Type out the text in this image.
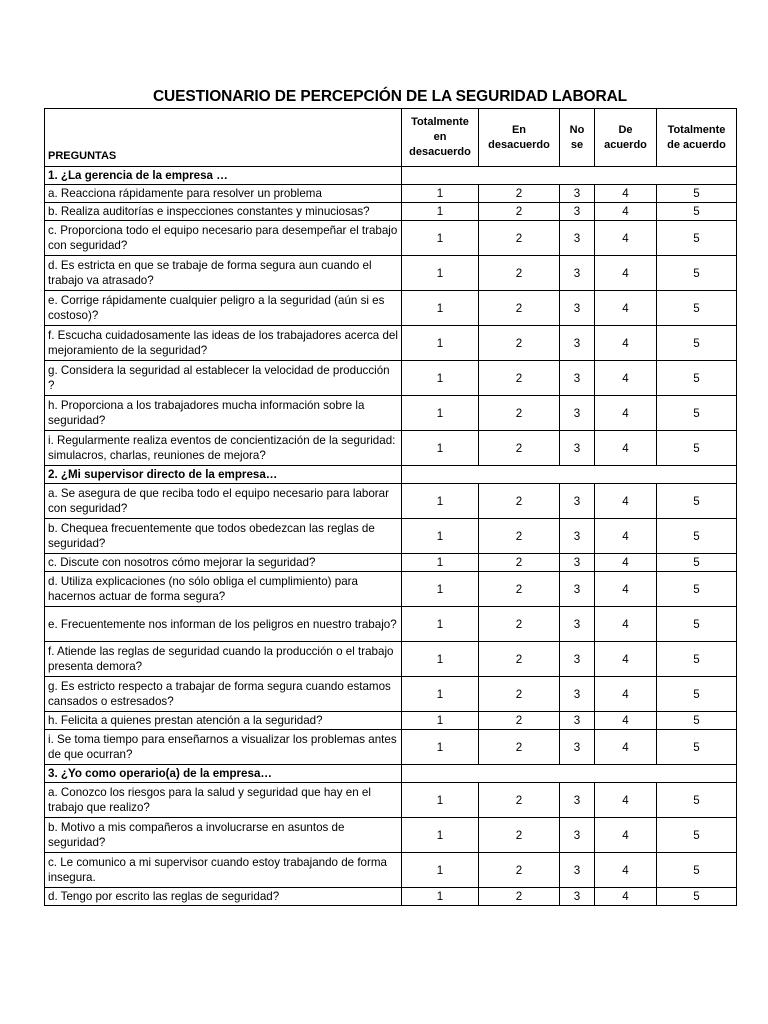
CUESTIONARIO DE PERCEPCIÓN DE LA SEGURIDAD LABORAL
PREGUNTAS	Totalmente en desacuerdo	En desacuerdo	No se	De acuerdo	Totalmente de acuerdo
1. ¿La gerencia de la empresa …					
a. Reacciona rápidamente para resolver un problema	1	2	3	4	5
b. Realiza auditorías e inspecciones constantes y minuciosas?	1	2	3	4	5
c. Proporciona todo el equipo necesario para desempeñar el trabajo con seguridad?	1	2	3	4	5
d. Es estricta en que se trabaje de forma segura aun cuando el trabajo va atrasado?	1	2	3	4	5
e. Corrige rápidamente cualquier peligro a la seguridad (aún si es costoso)?	1	2	3	4	5
f. Escucha cuidadosamente las ideas de los trabajadores acerca del mejoramiento de la seguridad?	1	2	3	4	5
g. Considera la seguridad al establecer la velocidad de producción ?	1	2	3	4	5
h. Proporciona a los trabajadores mucha información sobre la seguridad?	1	2	3	4	5
i. Regularmente realiza eventos de concientización de la seguridad: simulacros, charlas, reuniones de mejora?	1	2	3	4	5
2. ¿Mi supervisor directo de la empresa…					
a. Se asegura de que reciba todo el equipo necesario para laborar con seguridad?	1	2	3	4	5
b. Chequea frecuentemente que todos obedezcan las reglas de seguridad?	1	2	3	4	5
c. Discute con nosotros cómo mejorar la seguridad?	1	2	3	4	5
d. Utiliza explicaciones (no sólo obliga el cumplimiento) para hacernos actuar de forma segura?	1	2	3	4	5
e. Frecuentemente nos informan de los peligros en nuestro trabajo?	1	2	3	4	5
f. Atiende las reglas de seguridad cuando la producción o el trabajo presenta demora?	1	2	3	4	5
g. Es estricto respecto a trabajar de forma segura cuando estamos cansados o estresados?	1	2	3	4	5
h. Felicita a quienes prestan atención a la seguridad?	1	2	3	4	5
i. Se toma tiempo para enseñarnos a visualizar los problemas antes de que ocurran?	1	2	3	4	5
3. ¿Yo como operario(a) de la empresa…					
a. Conozco los riesgos para la salud y seguridad que hay en el trabajo que realizo?	1	2	3	4	5
b. Motivo a mis compañeros a involucrarse en asuntos de seguridad?	1	2	3	4	5
c. Le comunico a mi supervisor cuando estoy trabajando de forma insegura.	1	2	3	4	5
d. Tengo por escrito las reglas de seguridad?	1	2	3	4	5
